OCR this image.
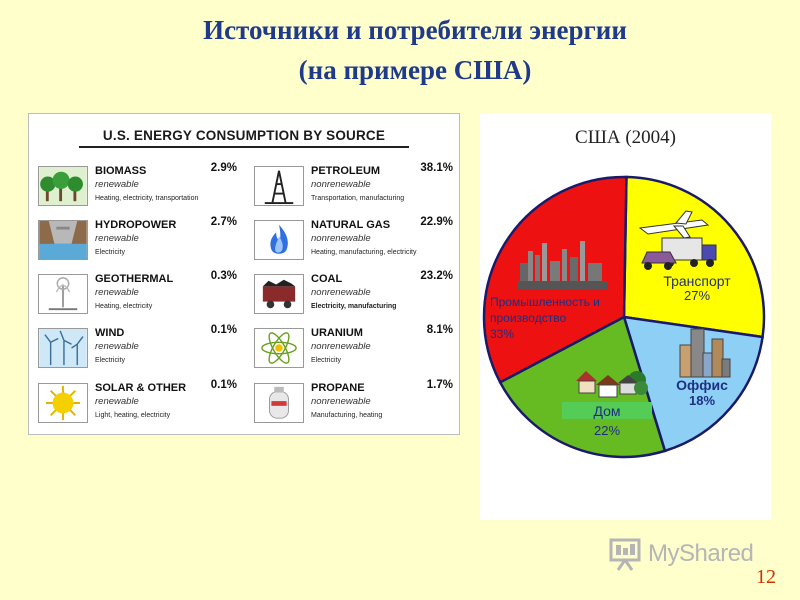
Источники и потребители энергии
(на примере США)
U.S. ENERGY CONSUMPTION BY SOURCE
BIOMASS	2.9%
renewable
Heating, electricity, transportation
HYDROPOWER	2.7%
renewable
Electricity
GEOTHERMAL	0.3%
renewable
Heating, electricity
WIND	0.1%
renewable
Electricity
SOLAR & OTHER 0.1%
renewable
Light, heating, electricity
PETROLEUM	38.1%
nonrenewable
Transportation, manufacturing
NATURAL GAS	22.9%
nonrenewable
Heating, manufacturing, electricity
COAL	23.2%
nonrenewable
Electricity, manufacturing
URANIUM	8.1%
nonrenewable
Electricity
PROPANE	1.7%
nonrenewable
Manufacturing, heating
США (2004)
Транспорт
27%
Оффис
18%
Дом
22%
Промышленность и
производство
33%
MyShared
12
